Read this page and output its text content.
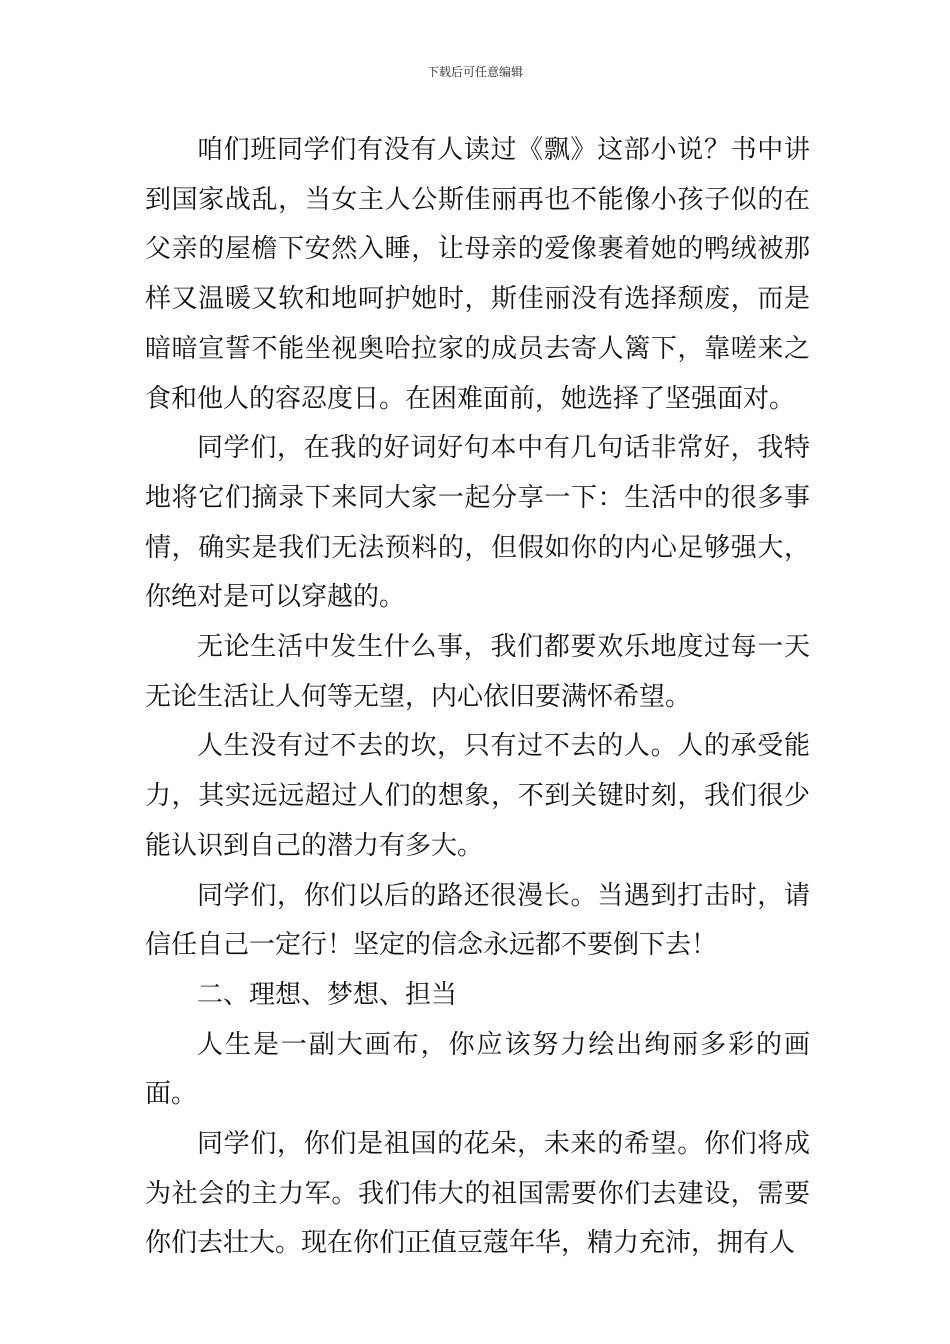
下载后可任意编辑

咱们班同学们有没有人读过《飘》这部小说？书中讲到国家战乱，当女主人公斯佳丽再也不能像小孩子似的在父亲的屋檐下安然入睡，让母亲的爱像裹着她的鸭绒被那样又温暖又软和地呵护她时，斯佳丽没有选择颓废，而是暗暗宣誓不能坐视奥哈拉家的成员去寄人篱下，靠嗟来之食和他人的容忍度日。在困难面前，她选择了坚强面对。

同学们，在我的好词好句本中有几句话非常好，我特地将它们摘录下来同大家一起分享一下：生活中的很多事情，确实是我们无法预料的，但假如你的内心足够强大，你绝对是可以穿越的。

无论生活中发生什么事，我们都要欢乐地度过每一天无论生活让人何等无望，内心依旧要满怀希望。

人生没有过不去的坎，只有过不去的人。人的承受能力，其实远远超过人们的想象，不到关键时刻，我们很少能认识到自己的潜力有多大。

同学们，你们以后的路还很漫长。当遇到打击时，请信任自己一定行！坚定的信念永远都不要倒下去！

二、理想、梦想、担当

人生是一副大画布，你应该努力绘出绚丽多彩的画面。

同学们，你们是祖国的花朵，未来的希望。你们将成为社会的主力军。我们伟大的祖国需要你们去建设，需要你们去壮大。现在你们正值豆蔻年华，精力充沛，拥有人
